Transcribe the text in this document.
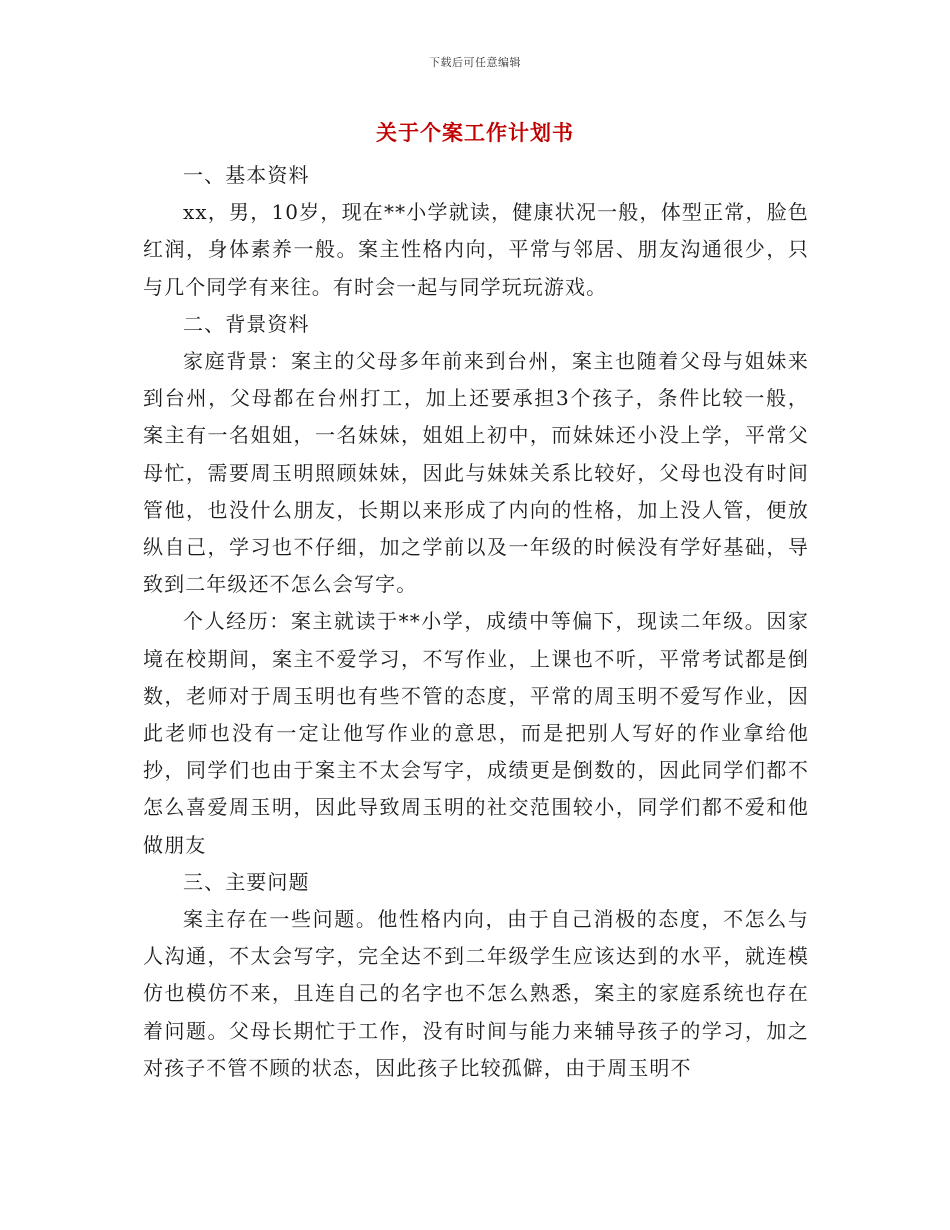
下载后可任意编辑
关于个案工作计划书

一、基本资料

xx，男，10岁，现在**小学就读，健康状况一般，体型正常，脸色红润，身体素养一般。案主性格内向，平常与邻居、朋友沟通很少，只与几个同学有来往。有时会一起与同学玩玩游戏。

二、背景资料

家庭背景：案主的父母多年前来到台州，案主也随着父母与姐妹来到台州，父母都在台州打工，加上还要承担3个孩子，条件比较一般，案主有一名姐姐，一名妹妹，姐姐上初中，而妹妹还小没上学，平常父母忙，需要周玉明照顾妹妹，因此与妹妹关系比较好，父母也没有时间管他，也没什么朋友，长期以来形成了内向的性格，加上没人管，便放纵自己，学习也不仔细，加之学前以及一年级的时候没有学好基础，导致到二年级还不怎么会写字。

个人经历：案主就读于**小学，成绩中等偏下，现读二年级。因家境在校期间，案主不爱学习，不写作业，上课也不听，平常考试都是倒数，老师对于周玉明也有些不管的态度，平常的周玉明不爱写作业，因此老师也没有一定让他写作业的意思，而是把别人写好的作业拿给他抄，同学们也由于案主不太会写字，成绩更是倒数的，因此同学们都不怎么喜爱周玉明，因此导致周玉明的社交范围较小，同学们都不爱和他做朋友

三、主要问题

案主存在一些问题。他性格内向，由于自己消极的态度，不怎么与人沟通，不太会写字，完全达不到二年级学生应该达到的水平，就连模仿也模仿不来，且连自己的名字也不怎么熟悉，案主的家庭系统也存在着问题。父母长期忙于工作，没有时间与能力来辅导孩子的学习，加之对孩子不管不顾的状态，因此孩子比较孤僻，由于周玉明不
